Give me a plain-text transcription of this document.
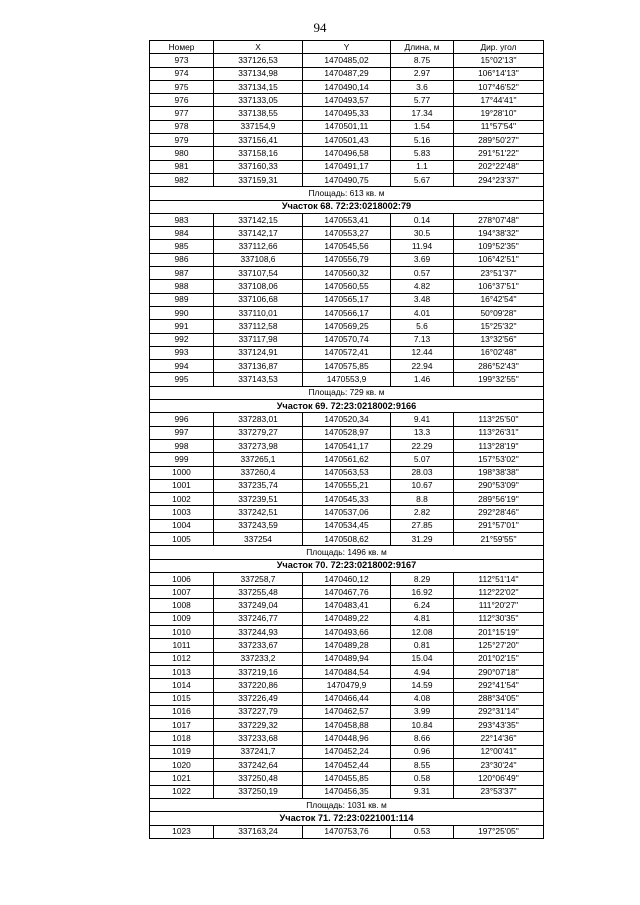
94
Номер	X	Y	Длина, м	Дир. угол
973	337126,53	1470485,02	8.75	15°02'13''
974	337134,98	1470487,29	2.97	106°14'13''
975	337134,15	1470490,14	3.6	107°46'52''
976	337133,05	1470493,57	5.77	17°44'41''
977	337138,55	1470495,33	17.34	19°28'10''
978	337154,9	1470501,11	1.54	11°57'54''
979	337156,41	1470501,43	5.16	289°50'27''
980	337158,16	1470496,58	5.83	291°51'22''
981	337160,33	1470491,17	1.1	202°22'48''
982	337159,31	1470490,75	5.67	294°23'37''
Площадь: 613 кв. м				
Участок 68. 72:23:0218002:79				
983	337142,15	1470553,41	0.14	278°07'48''
984	337142,17	1470553,27	30.5	194°38'32''
985	337112,66	1470545,56	11.94	109°52'35''
986	337108,6	1470556,79	3.69	106°42'51''
987	337107,54	1470560,32	0.57	23°51'37''
988	337108,06	1470560,55	4.82	106°37'51''
989	337106,68	1470565,17	3.48	16°42'54''
990	337110,01	1470566,17	4.01	50°09'28''
991	337112,58	1470569,25	5.6	15°25'32''
992	337117,98	1470570,74	7.13	13°32'56''
993	337124,91	1470572,41	12.44	16°02'48''
994	337136,87	1470575,85	22.94	286°52'43''
995	337143,53	1470553,9	1.46	199°32'55''
Площадь: 729 кв. м				
Участок 69. 72:23:0218002:9166				
996	337283,01	1470520,34	9.41	113°25'50''
997	337279,27	1470528,97	13.3	113°26'31''
998	337273,98	1470541,17	22.29	113°28'19''
999	337265,1	1470561,62	5.07	157°53'02''
1000	337260,4	1470563,53	28.03	198°38'38''
1001	337235,74	1470555,21	10.67	290°53'09''
1002	337239,51	1470545,33	8.8	289°56'19''
1003	337242,51	1470537,06	2.82	292°28'46''
1004	337243,59	1470534,45	27.85	291°57'01''
1005	337254	1470508,62	31.29	21°59'55''
Площадь: 1496 кв. м				
Участок 70. 72:23:0218002:9167				
1006	337258,7	1470460,12	8.29	112°51'14''
1007	337255,48	1470467,76	16.92	112°22'02''
1008	337249,04	1470483,41	6.24	111°20'27''
1009	337246,77	1470489,22	4.81	112°30'35''
1010	337244,93	1470493,66	12.08	201°15'19''
1011	337233,67	1470489,28	0.81	125°27'20''
1012	337233,2	1470489,94	15.04	201°02'15''
1013	337219,16	1470484,54	4.94	290°07'18''
1014	337220,86	1470479,9	14.59	292°41'54''
1015	337226,49	1470466,44	4.08	288°34'05''
1016	337227,79	1470462,57	3.99	292°31'14''
1017	337229,32	1470458,88	10.84	293°43'35''
1018	337233,68	1470448,96	8.66	22°14'36''
1019	337241,7	1470452,24	0.96	12°00'41''
1020	337242,64	1470452,44	8.55	23°30'24''
1021	337250,48	1470455,85	0.58	120°06'49''
1022	337250,19	1470456,35	9.31	23°53'37''
Площадь: 1031 кв. м				
Участок 71. 72:23:0221001:114				
1023	337163,24	1470753,76	0.53	197°25'05''
